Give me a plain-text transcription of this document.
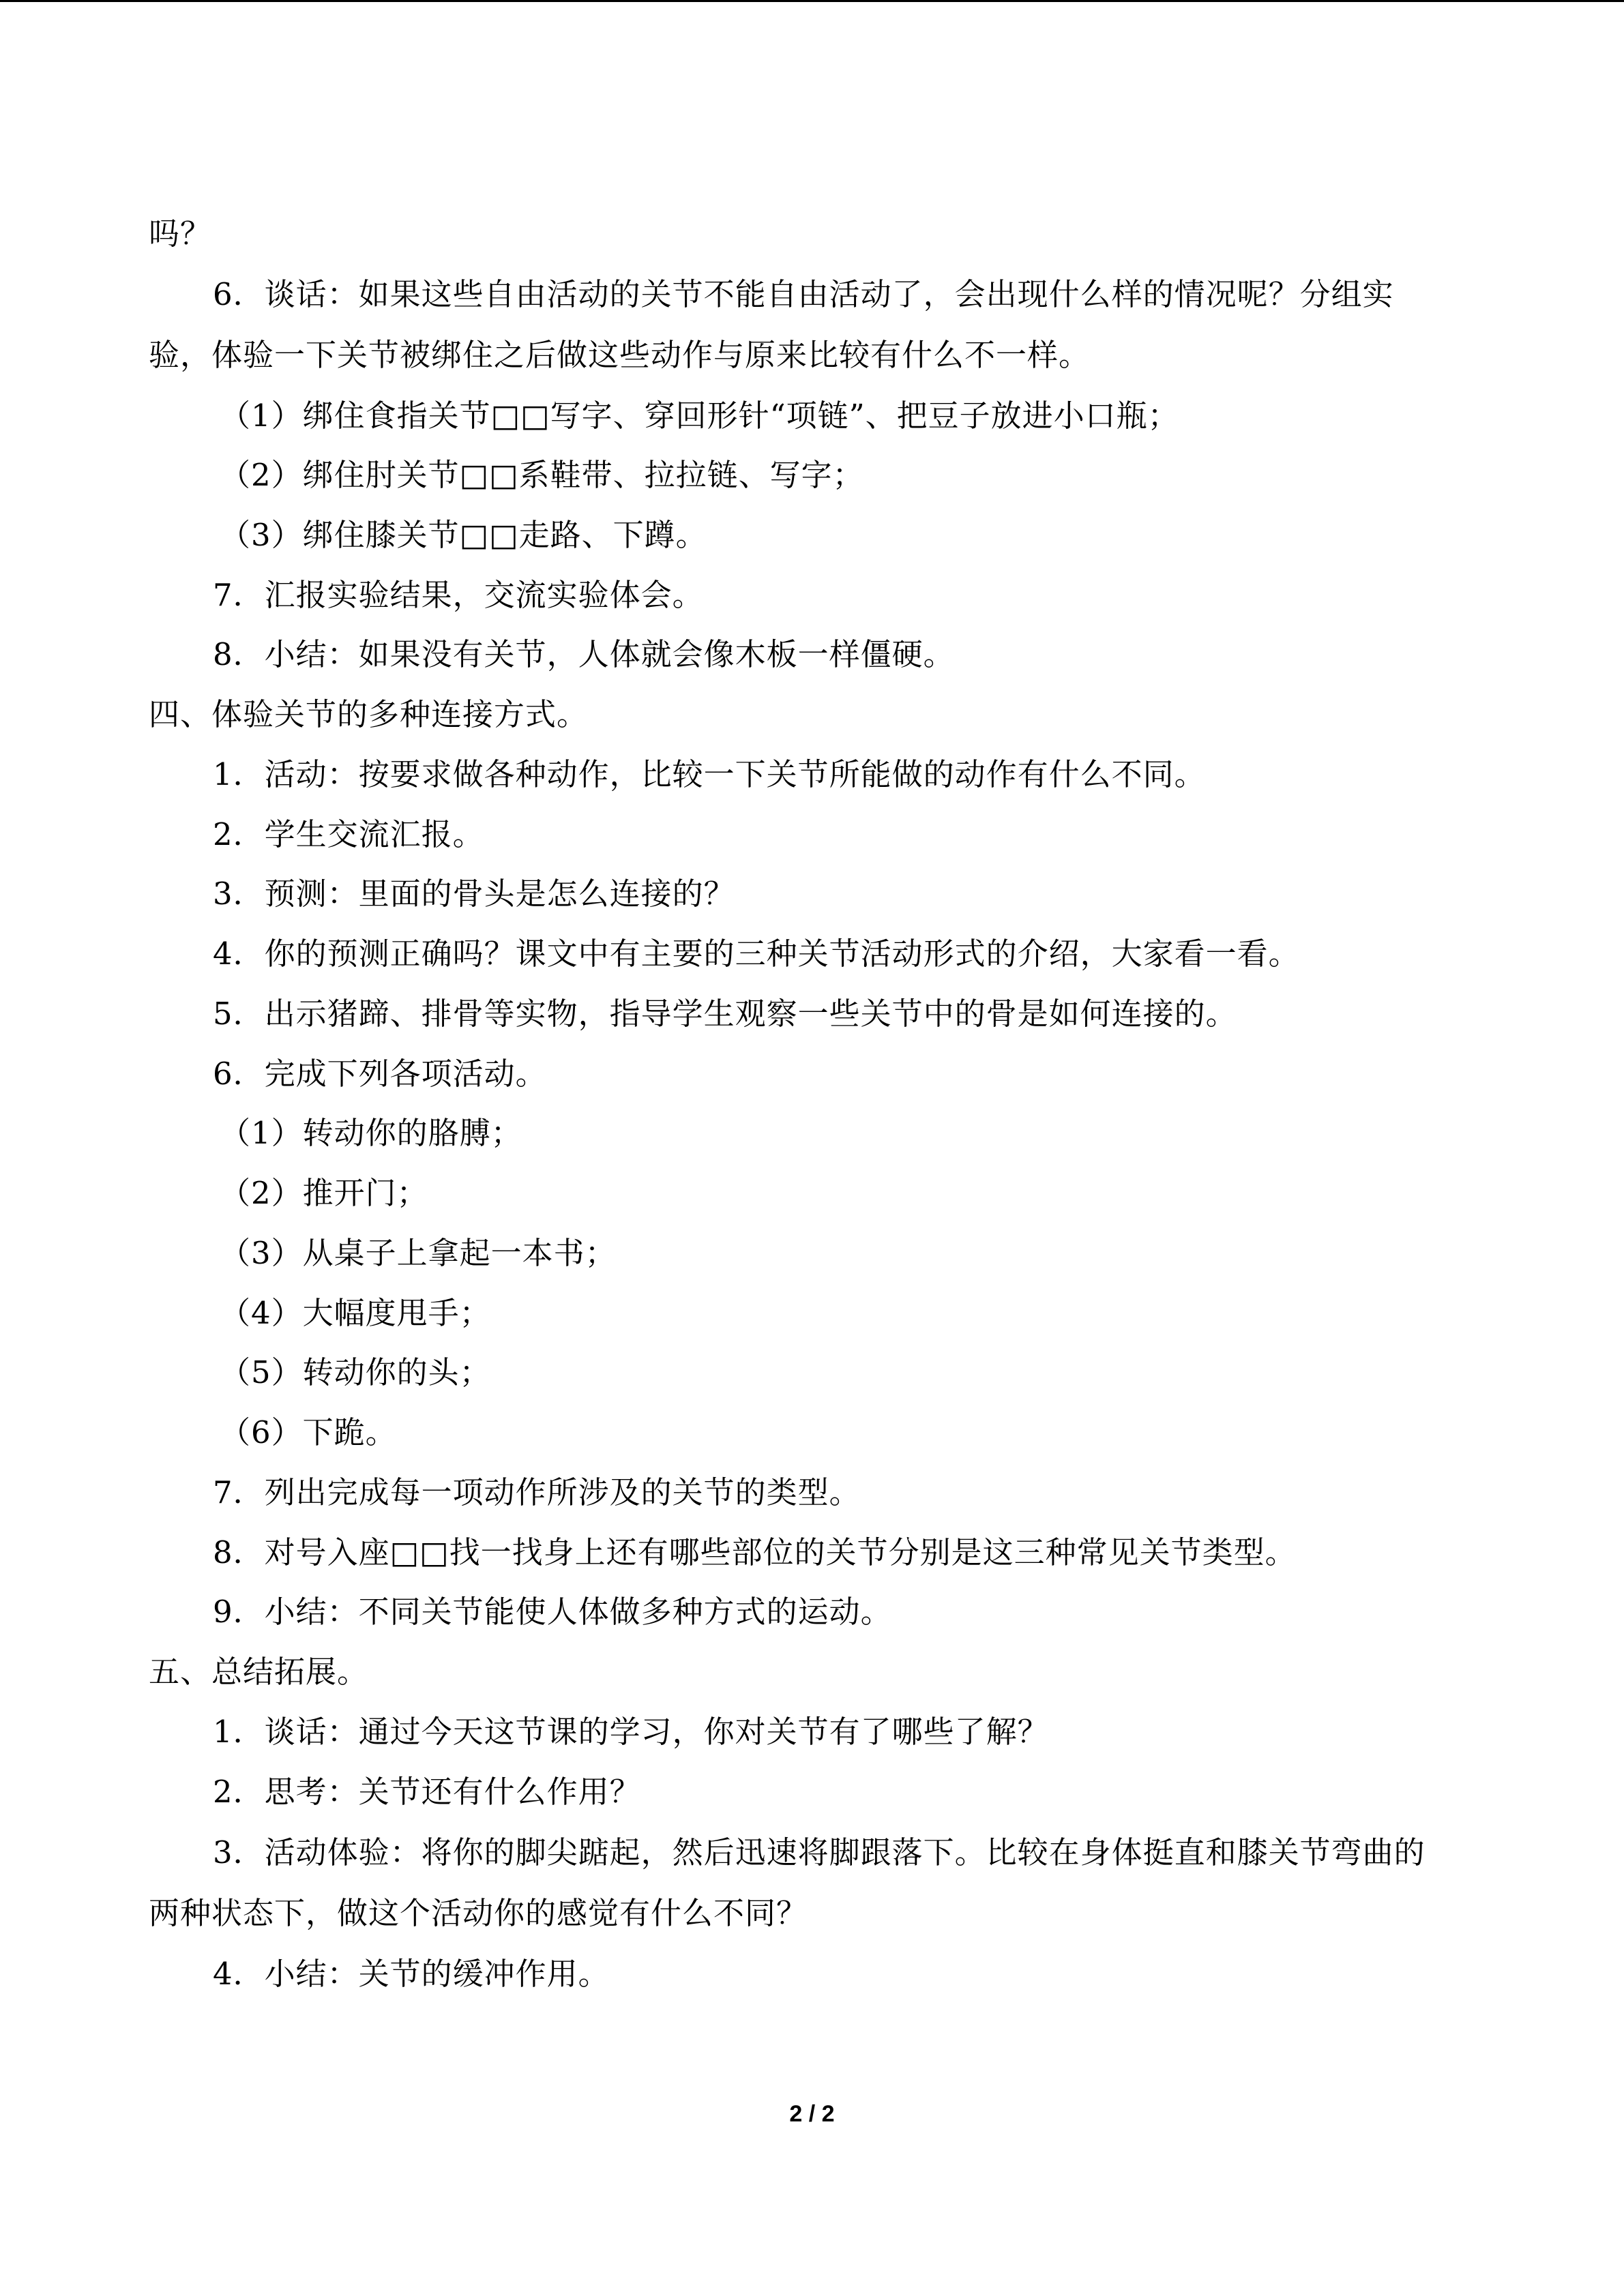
吗？
6．谈话：如果这些自由活动的关节不能自由活动了，会出现什么样的情况呢？分组实
验，体验一下关节被绑住之后做这些动作与原来比较有什么不一样。
（1）绑住食指关节□□写字、穿回形针“项链”、把豆子放进小口瓶；
（2）绑住肘关节□□系鞋带、拉拉链、写字；
（3）绑住膝关节□□走路、下蹲。
7．汇报实验结果，交流实验体会。
8．小结：如果没有关节，人体就会像木板一样僵硬。
四、体验关节的多种连接方式。
1．活动：按要求做各种动作，比较一下关节所能做的动作有什么不同。
2．学生交流汇报。
3．预测：里面的骨头是怎么连接的？
4．你的预测正确吗？课文中有主要的三种关节活动形式的介绍，大家看一看。
5．出示猪蹄、排骨等实物，指导学生观察一些关节中的骨是如何连接的。
6．完成下列各项活动。
（1）转动你的胳膊；
（2）推开门；
（3）从桌子上拿起一本书；
（4）大幅度甩手；
（5）转动你的头；
（6）下跪。
7．列出完成每一项动作所涉及的关节的类型。
8．对号入座□□找一找身上还有哪些部位的关节分别是这三种常见关节类型。
9．小结：不同关节能使人体做多种方式的运动。
五、总结拓展。
1．谈话：通过今天这节课的学习，你对关节有了哪些了解？
2．思考：关节还有什么作用？
3．活动体验：将你的脚尖踮起，然后迅速将脚跟落下。比较在身体挺直和膝关节弯曲的
两种状态下，做这个活动你的感觉有什么不同？
4．小结：关节的缓冲作用。
2 / 2
